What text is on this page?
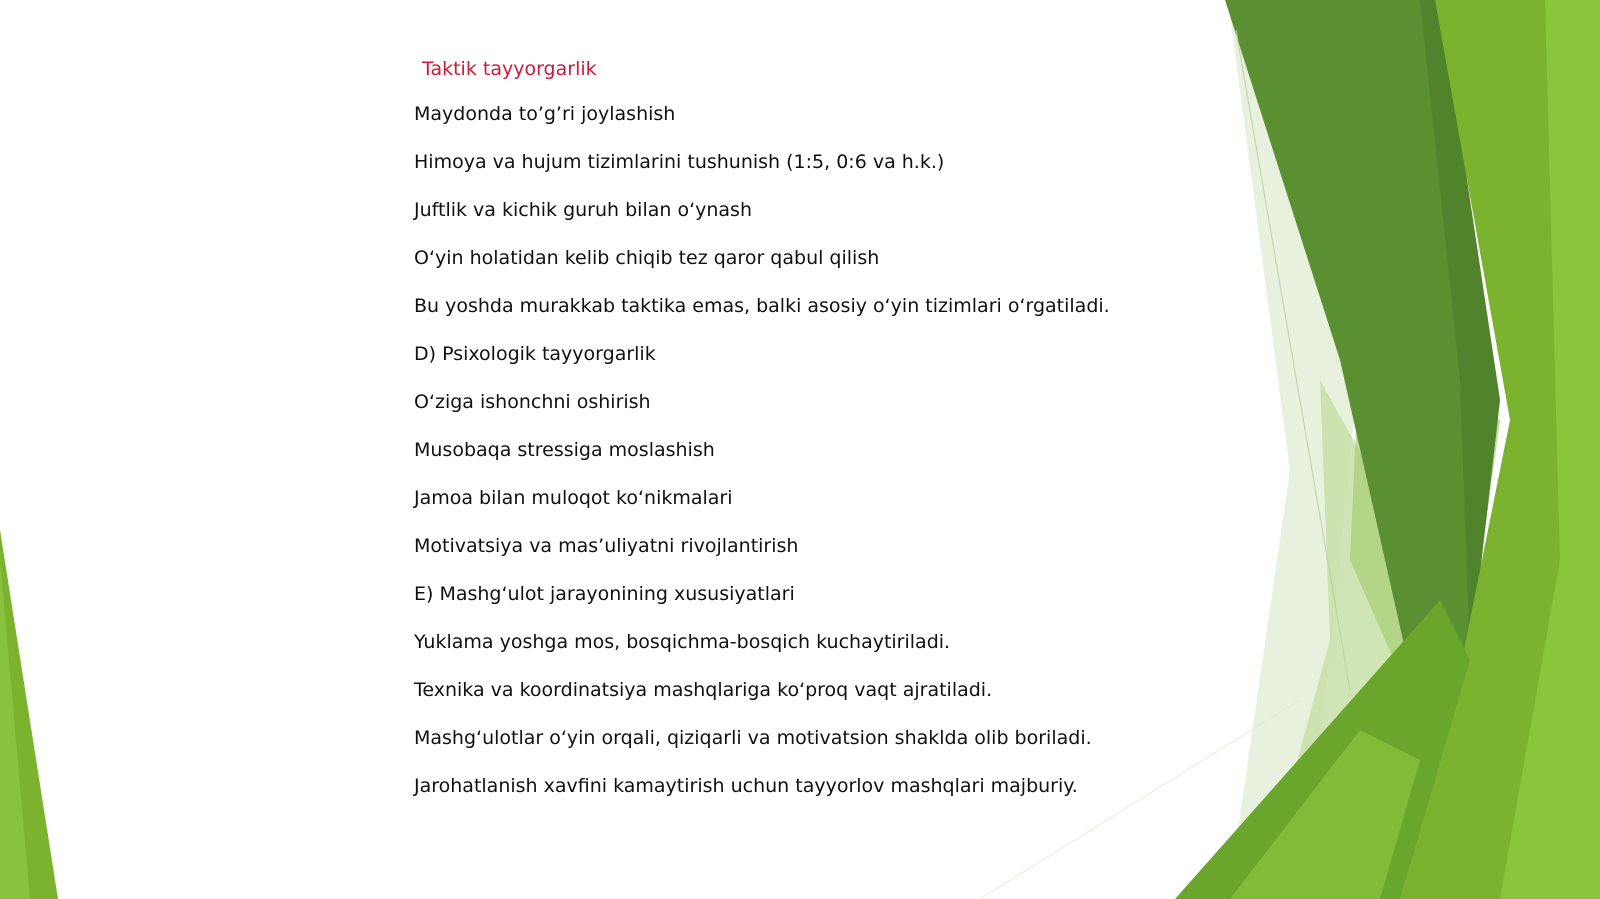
Taktik tayyorgarlik
Maydonda to’g’ri joylashish
Himoya va hujum tizimlarini tushunish (1:5, 0:6 va h.k.)
Juftlik va kichik guruh bilan o‘ynash
O‘yin holatidan kelib chiqib tez qaror qabul qilish
Bu yoshda murakkab taktika emas, balki asosiy o‘yin tizimlari o‘rgatiladi.
D) Psixologik tayyorgarlik
O‘ziga ishonchni oshirish
Musobaqa stressiga moslashish
Jamoa bilan muloqot ko‘nikmalari
Motivatsiya va mas’uliyatni rivojlantirish
E) Mashg‘ulot jarayonining xususiyatlari
Yuklama yoshga mos, bosqichma-bosqich kuchaytiriladi.
Texnika va koordinatsiya mashqlariga ko‘proq vaqt ajratiladi.
Mashg‘ulotlar o‘yin orqali, qiziqarli va motivatsion shaklda olib boriladi.
Jarohatlanish xavfini kamaytirish uchun tayyorlov mashqlari majburiy.
